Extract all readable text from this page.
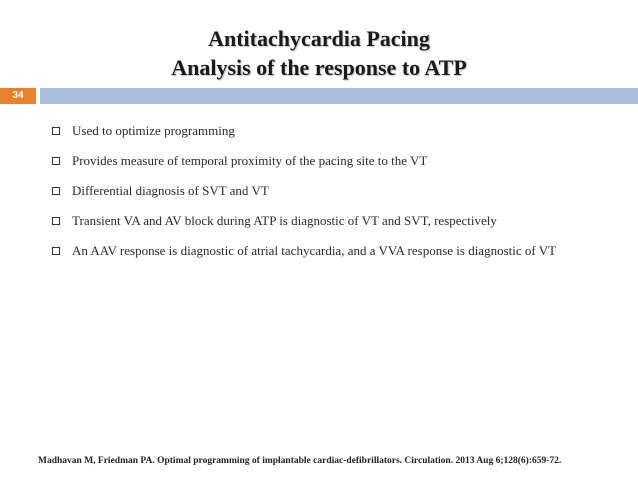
Antitachycardia Pacing
Analysis of the response to ATP
34
Used to optimize programming
Provides measure of temporal proximity of the pacing site to the VT
Differential diagnosis of SVT and VT
Transient VA and AV block during ATP is diagnostic of VT and SVT, respectively
An AAV response is diagnostic of atrial tachycardia, and a VVA response is diagnostic of VT
Madhavan M, Friedman PA. Optimal programming of implantable cardiac-defibrillators. Circulation. 2013 Aug 6;128(6):659-72.
